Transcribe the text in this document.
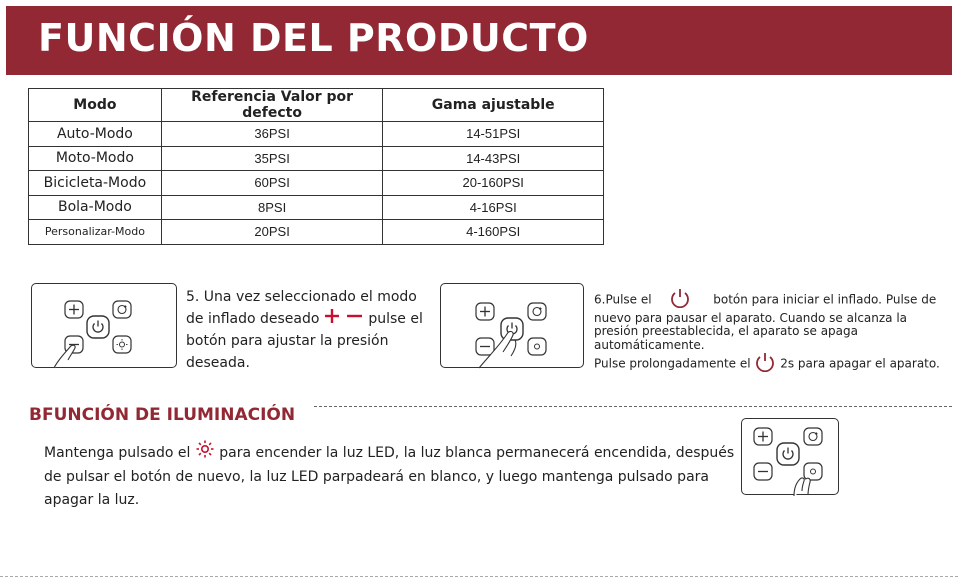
FUNCIÓN DEL PRODUCTO
Modo	Referencia Valor por defecto	Gama ajustable
Auto-Modo	36PSI	14-51PSI
Moto-Modo	35PSI	14-43PSI
Bicicleta-Modo	60PSI	20-160PSI
Bola-Modo	8PSI	4-16PSI
Personalizar-Modo	20PSI	4-160PSI
5. Una vez seleccionado el modo de inflado deseado	pulse el botón para ajustar la presión deseada.
6.Pulse el	botón para iniciar el inflado. Pulse de nuevo para pausar el aparato. Cuando se alcanza la presión preestablecida, el aparato se apaga automáticamente.
Pulse prolongadamente el 2s para apagar el aparato.
BFUNCIÓN DE ILUMINACIÓN
Mantenga pulsado el para encender la luz LED, la luz blanca permanecerá encendida, después de pulsar el botón de nuevo, la luz LED parpadeará en blanco, y luego mantenga pulsado para apagar la luz.
